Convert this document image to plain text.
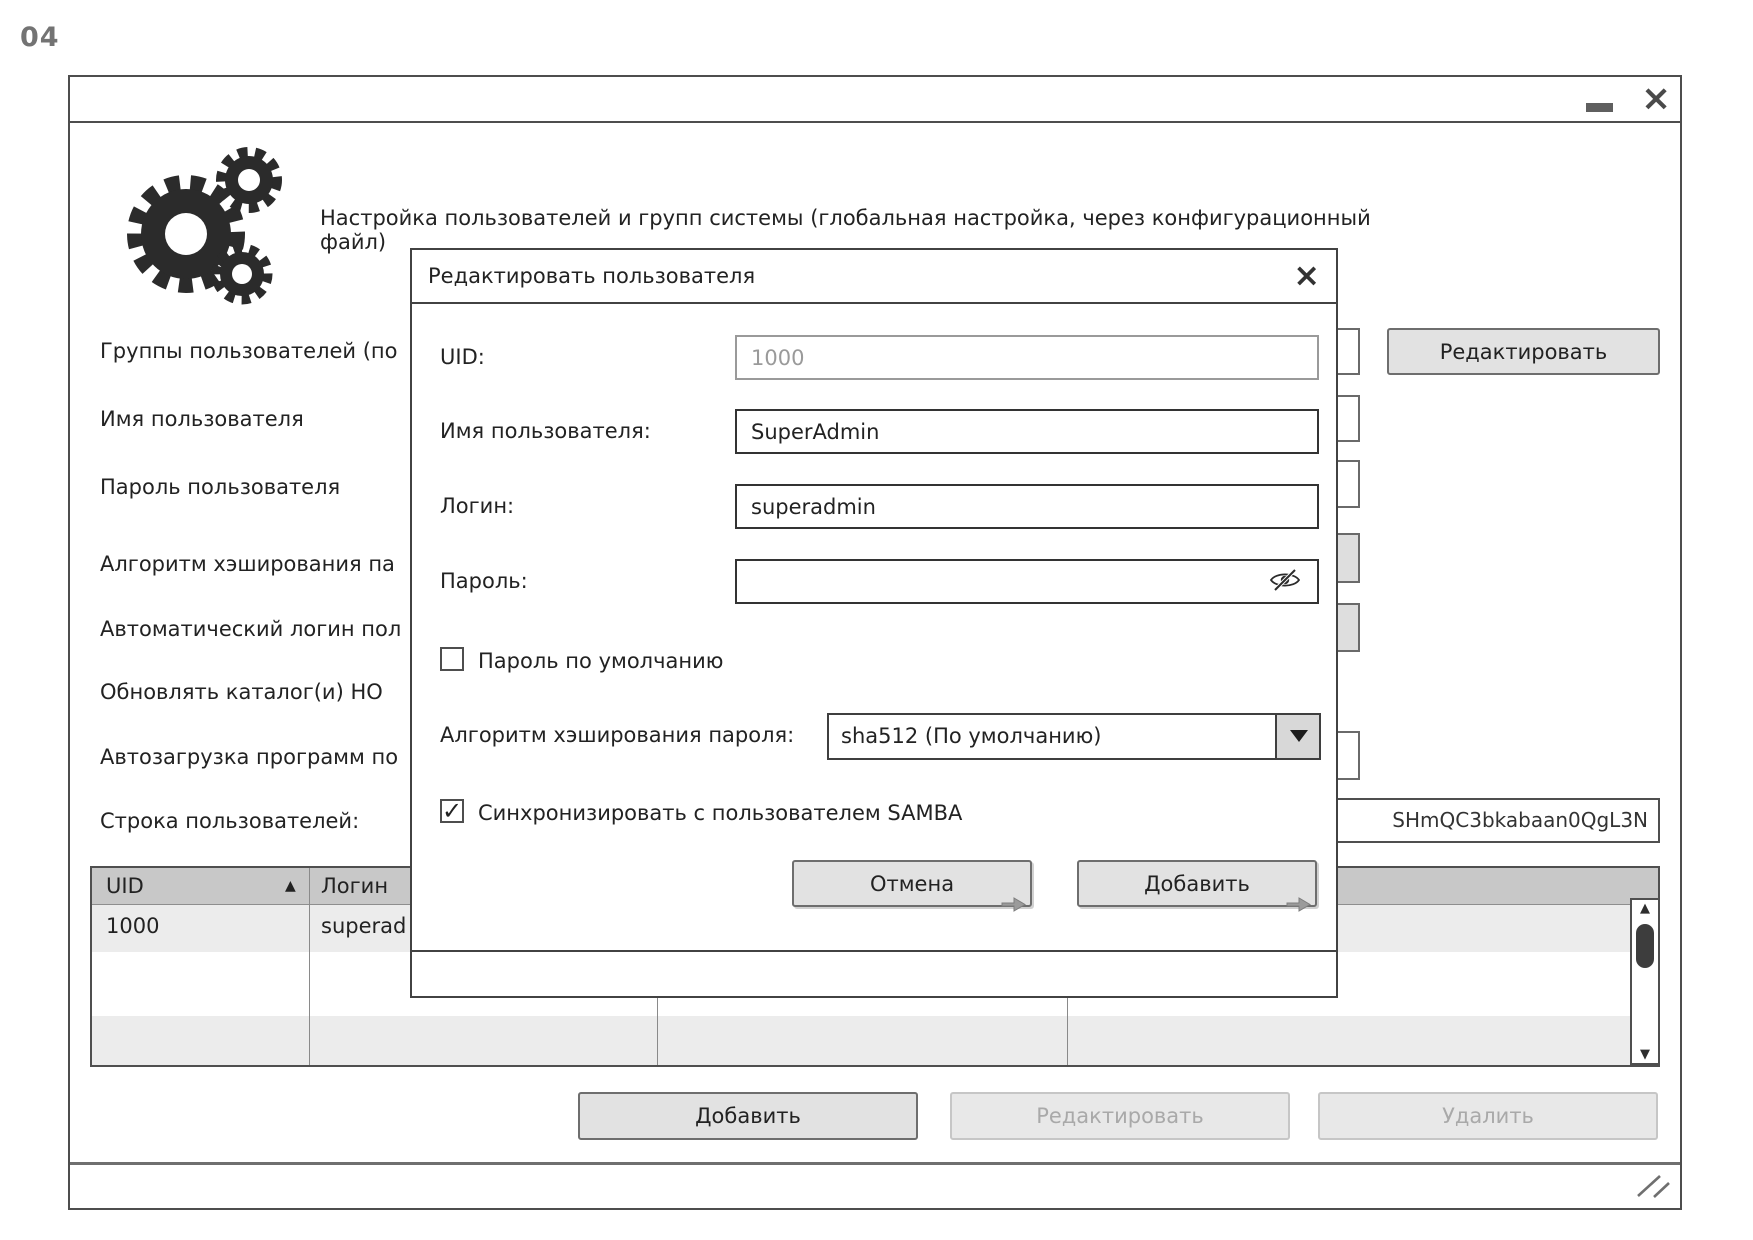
04
×
Настройка пользователей и групп системы (глобальная настройка, через конфигурационный файл)
Группы пользователей (по
Имя пользователя
Пароль пользователя
Алгоритм хэширования па
Автоматический логин пол
Обновлять каталог(и) HO
Автозагрузка программ по
Строка пользователей:
Редактировать
SHmQC3bkabaan0QgL3N
UID	▲ Логин
1000	superad
▲
▼
Добавить	Редактировать	Удалить
Редактировать пользователя	×
UID:
1000
Имя пользователя:
SuperAdmin
Логин:
superadmin
Пароль:
Пароль по умолчанию
Алгоритм хэширования пароля: sha512 (По умолчанию)
✓ Синхронизировать с пользователем SAMBA
Отмена	Добавить
